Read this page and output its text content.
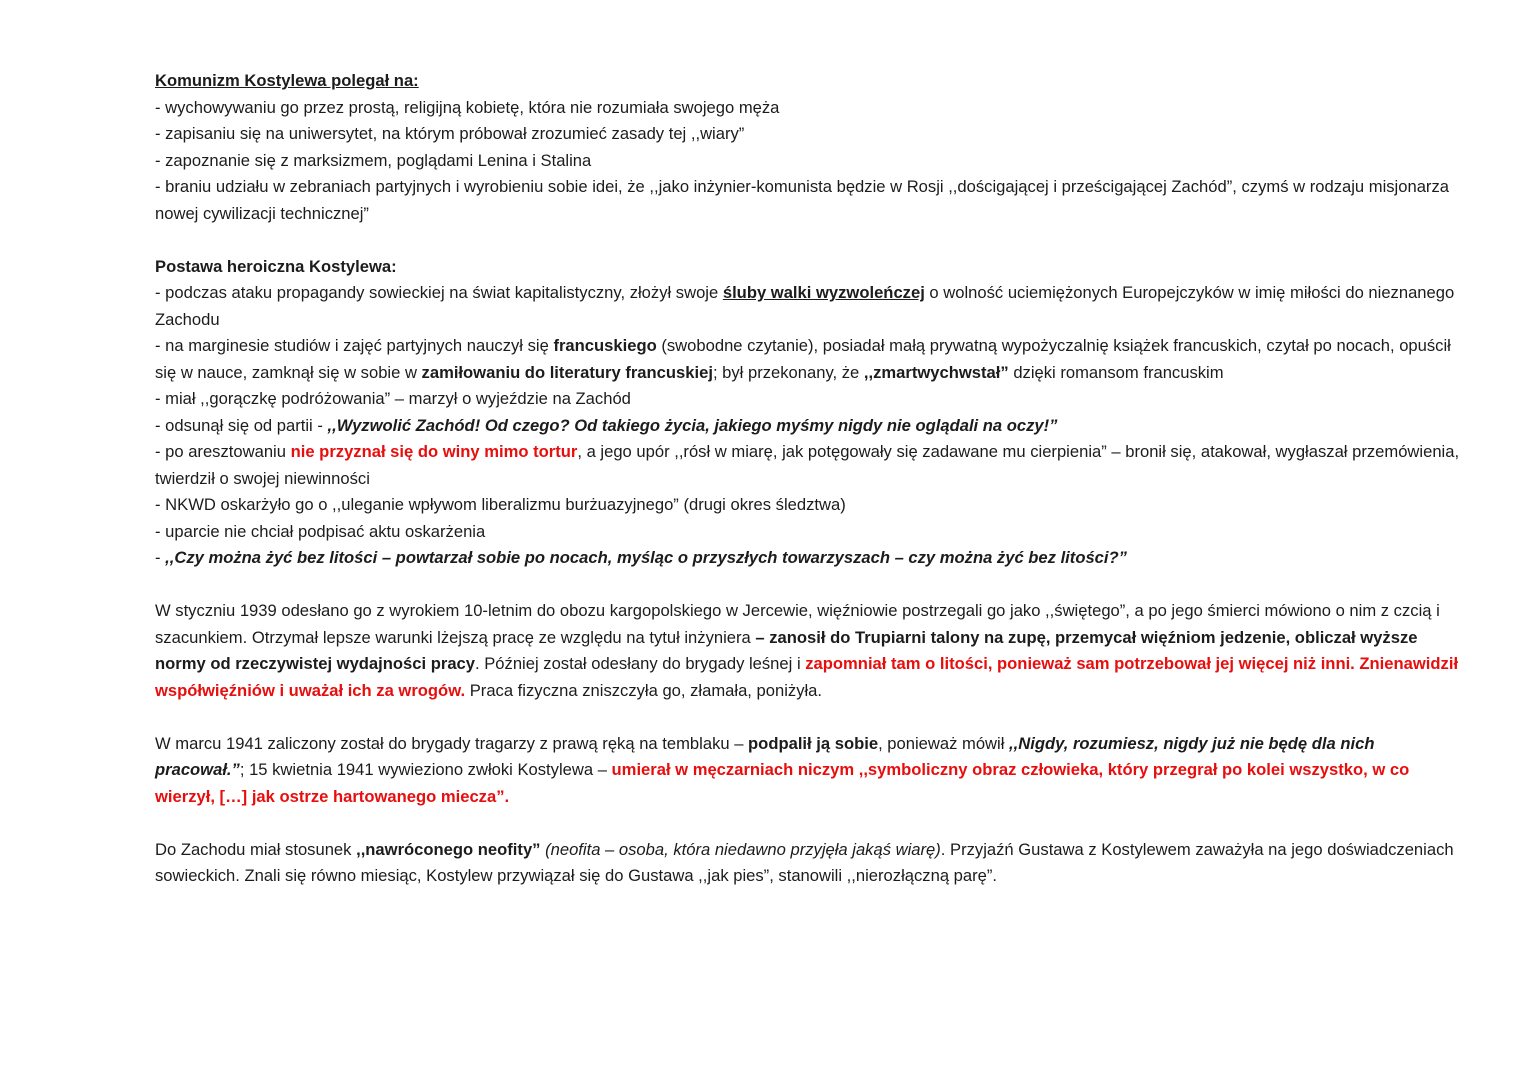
Komunizm Kostylewa polegał na:
- wychowywaniu go przez prostą, religijną kobietę, która nie rozumiała swojego męża
- zapisaniu się na uniwersytet, na którym próbował zrozumieć zasady tej ,,wiary”
- zapoznanie się z marksizmem, poglądami Lenina i Stalina
- braniu udziału w zebraniach partyjnych i wyrobieniu sobie idei, że ,,jako inżynier-komunista będzie w Rosji ,,dościgającej i prześcigającej Zachód”, czymś w rodzaju misjonarza nowej cywilizacji technicznej”
Postawa heroiczna Kostylewa:
- podczas ataku propagandy sowieckiej na świat kapitalistyczny, złożył swoje śluby walki wyzwoleńczej o wolność uciemiężonych Europejczyków w imię miłości do nieznanego Zachodu
- na marginesie studiów i zajęć partyjnych nauczył się francuskiego (swobodne czytanie), posiadał małą prywatną wypożyczalnię książek francuskich, czytał po nocach, opuścił się w nauce, zamknął się w sobie w zamiłowaniu do literatury francuskiej; był przekonany, że ,,zmartwychwstał” dzięki romansom francuskim
- miał ,,gorączkę podróżowania” – marzył o wyjeździe na Zachód
- odsunął się od partii - ,,Wyzwolić Zachód! Od czego? Od takiego życia, jakiego myśmy nigdy nie oglądali na oczy!”
- po aresztowaniu nie przyznał się do winy mimo tortur, a jego upór ,,rósł w miarę, jak potęgowały się zadawane mu cierpienia” – bronił się, atakował, wygłaszał przemówienia, twierdził o swojej niewinności
- NKWD oskarżyło go o ,,uleganie wpływom liberalizmu burżuazyjnego” (drugi okres śledztwa)
- uparcie nie chciał podpisać aktu oskarżenia
- ,,Czy można żyć bez litości – powtarzał sobie po nocach, myśląc o przyszłych towarzyszach – czy można żyć bez litości?”
W styczniu 1939 odesłano go z wyrokiem 10-letnim do obozu kargopolskiego w Jercewie, więźniowie postrzegali go jako ,,świętego”, a po jego śmierci mówiono o nim z czcią i szacunkiem. Otrzymał lepsze warunki lżejszą pracę ze względu na tytuł inżyniera – zanosił do Trupiarni talony na zupę, przemycał więźniom jedzenie, obliczał wyższe normy od rzeczywistej wydajności pracy. Później został odesłany do brygady leśnej i zapomniał tam o litości, ponieważ sam potrzebował jej więcej niż inni. Znienawidził współwięźniów i uważał ich za wrogów. Praca fizyczna zniszczyła go, złamała, poniżyła.
W marcu 1941 zaliczony został do brygady tragarzy z prawą ręką na temblaku – podpalił ją sobie, ponieważ mówił ,,Nigdy, rozumiesz, nigdy już nie będę dla nich pracował.”; 15 kwietnia 1941 wywieziono zwłoki Kostylewa – umierał w męczarniach niczym ,,symboliczny obraz człowieka, który przegrał po kolei wszystko, w co wierzył, […] jak ostrze hartowanego miecza”.
Do Zachodu miał stosunek ,,nawróconego neofity” (neofita – osoba, która niedawno przyjęła jakąś wiarę). Przyjaźń Gustawa z Kostylewem zaważyła na jego doświadczeniach sowieckich. Znali się równo miesiąc, Kostylew przywiązał się do Gustawa ,,jak pies”, stanowili ,,nierozłączną parę”.
